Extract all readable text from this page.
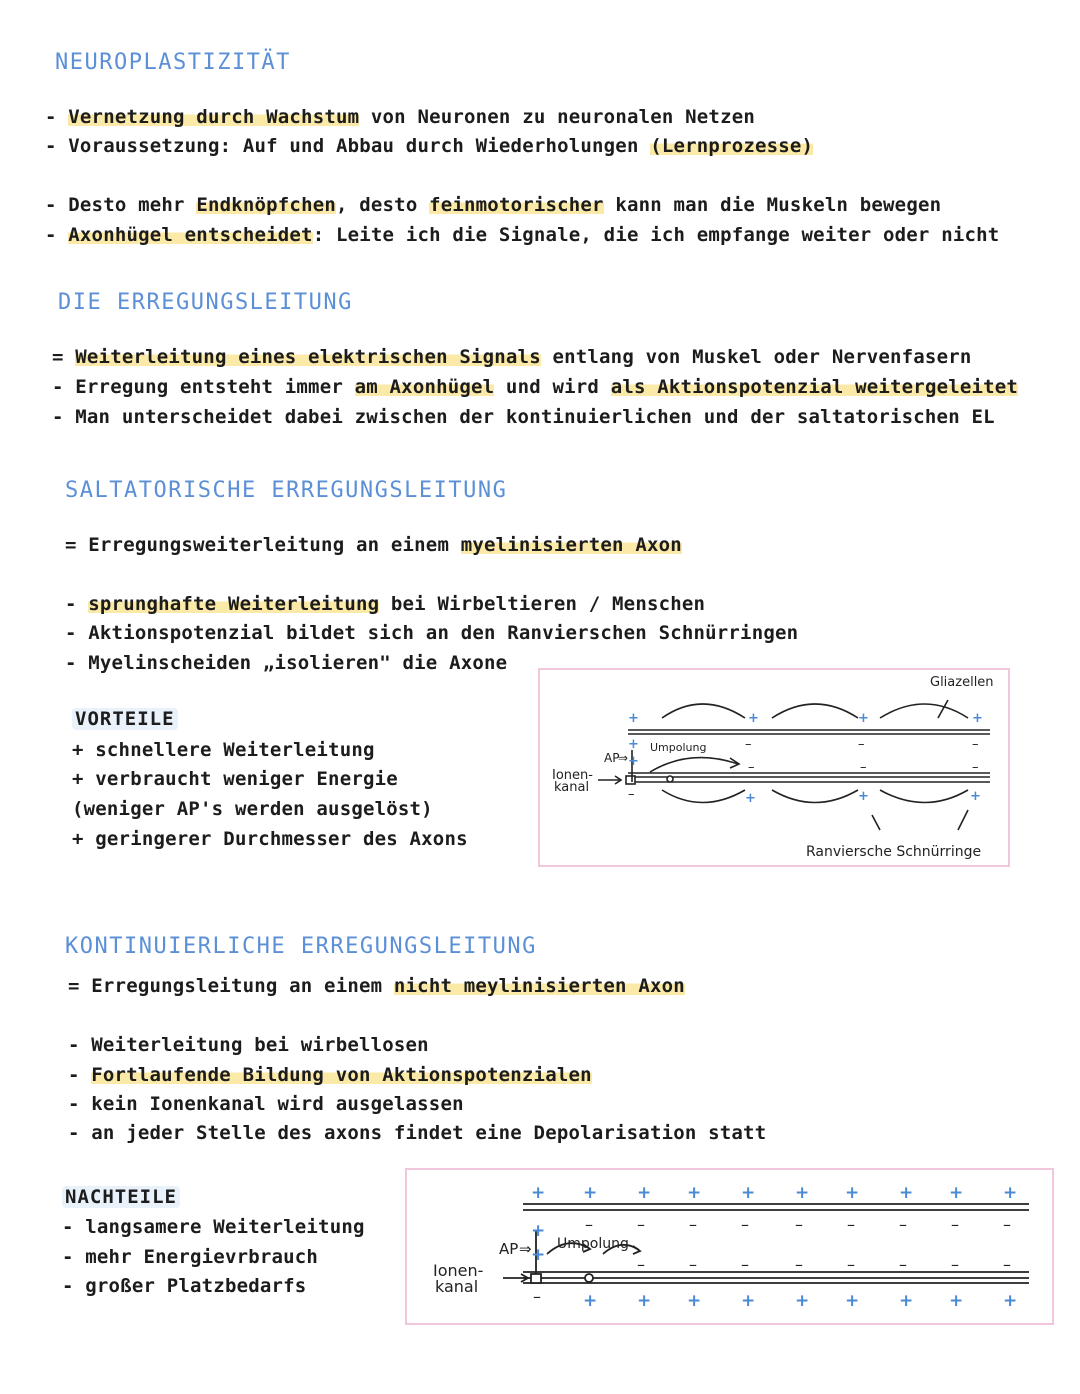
NEUROPLASTIZITÄT
- Vernetzung durch Wachstum von Neuronen zu neuronalen Netzen
- Voraussetzung: Auf und Abbau durch Wiederholungen (Lernprozesse)
- Desto mehr Endknöpfchen, desto feinmotorischer kann man die Muskeln bewegen
- Axonhügel entscheidet: Leite ich die Signale, die ich empfange weiter oder nicht
DIE ERREGUNGSLEITUNG
= Weiterleitung eines elektrischen Signals entlang von Muskel oder Nervenfasern
- Erregung entsteht immer am Axonhügel und wird als Aktionspotenzial weitergeleitet
- Man unterscheidet dabei zwischen der kontinuierlichen und der saltatorischen EL
SALTATORISCHE ERREGUNGSLEITUNG
= Erregungsweiterleitung an einem myelinisierten Axon
- sprunghafte Weiterleitung bei Wirbeltieren / Menschen
- Aktionspotenzial bildet sich an den Ranvierschen Schnürringen
- Myelinscheiden „isolieren" die Axone
VORTEILE
+ schnellere Weiterleitung
+ verbraucht weniger Energie
(weniger AP's werden ausgelöst)
+ geringerer Durchmesser des Axons
+	+	+	+
+
+
+	+	+
–	–	–
–
–	–	–
Gliazellen
Umpolung
AP
⇒
Ionen-
kanal
Ranviersche Schnürringe
KONTINUIERLICHE ERREGUNGSLEITUNG
= Erregungsleitung an einem nicht meylinisierten Axon
- Weiterleitung bei wirbellosen
- Fortlaufende Bildung von Aktionspotenzialen
- kein Ionenkanal wird ausgelassen
- an jeder Stelle des axons findet eine Depolarisation statt
NACHTEILE
- langsamere Weiterleitung
- mehr Energievrbrauch
- großer Platzbedarfs
+ + + + + + + + + +
+
+
+ + + + + + + + +
–	–	–	–	–	–	–	–	–
–	–	–	–	–	–	–	–
–
Umpolung
AP ⇒
Ionen-
kanal
